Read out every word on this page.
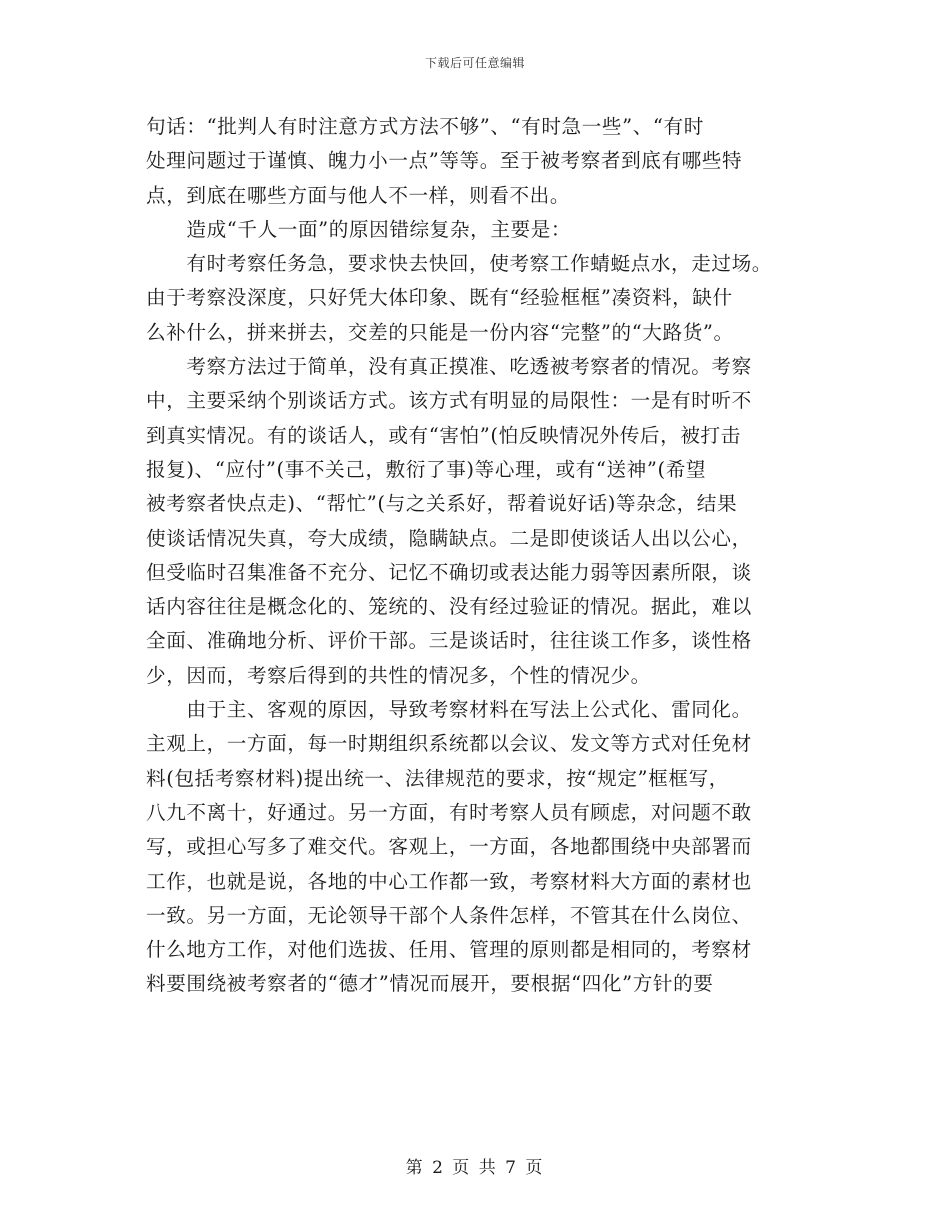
下载后可任意编辑
句话：“批判人有时注意方式方法不够”、“有时急一些”、“有时
处理问题过于谨慎、魄力小一点”等等。至于被考察者到底有哪些特
点，到底在哪些方面与他人不一样，则看不出。
　　造成“千人一面”的原因错综复杂，主要是：
　　有时考察任务急，要求快去快回，使考察工作蜻蜓点水，走过场。
由于考察没深度，只好凭大体印象、既有“经验框框”凑资料，缺什
么补什么，拼来拼去，交差的只能是一份内容“完整”的“大路货”。
　　考察方法过于简单，没有真正摸准、吃透被考察者的情况。考察
中，主要采纳个别谈话方式。该方式有明显的局限性：一是有时听不
到真实情况。有的谈话人，或有“害怕”(怕反映情况外传后，被打击
报复)、“应付”(事不关己，敷衍了事)等心理，或有“送神”(希望
被考察者快点走)、“帮忙”(与之关系好，帮着说好话)等杂念，结果
使谈话情况失真，夸大成绩，隐瞒缺点。二是即使谈话人出以公心，
但受临时召集准备不充分、记忆不确切或表达能力弱等因素所限，谈
话内容往往是概念化的、笼统的、没有经过验证的情况。据此，难以
全面、准确地分析、评价干部。三是谈话时，往往谈工作多，谈性格
少，因而，考察后得到的共性的情况多，个性的情况少。
　　由于主、客观的原因，导致考察材料在写法上公式化、雷同化。
主观上，一方面，每一时期组织系统都以会议、发文等方式对任免材
料(包括考察材料)提出统一、法律规范的要求，按“规定”框框写，
八九不离十，好通过。另一方面，有时考察人员有顾虑，对问题不敢
写，或担心写多了难交代。客观上，一方面，各地都围绕中央部署而
工作，也就是说，各地的中心工作都一致，考察材料大方面的素材也
一致。另一方面，无论领导干部个人条件怎样，不管其在什么岗位、
什么地方工作，对他们选拔、任用、管理的原则都是相同的，考察材
料要围绕被考察者的“德才”情况而展开，要根据“四化”方针的要
第 2 页 共 7 页
